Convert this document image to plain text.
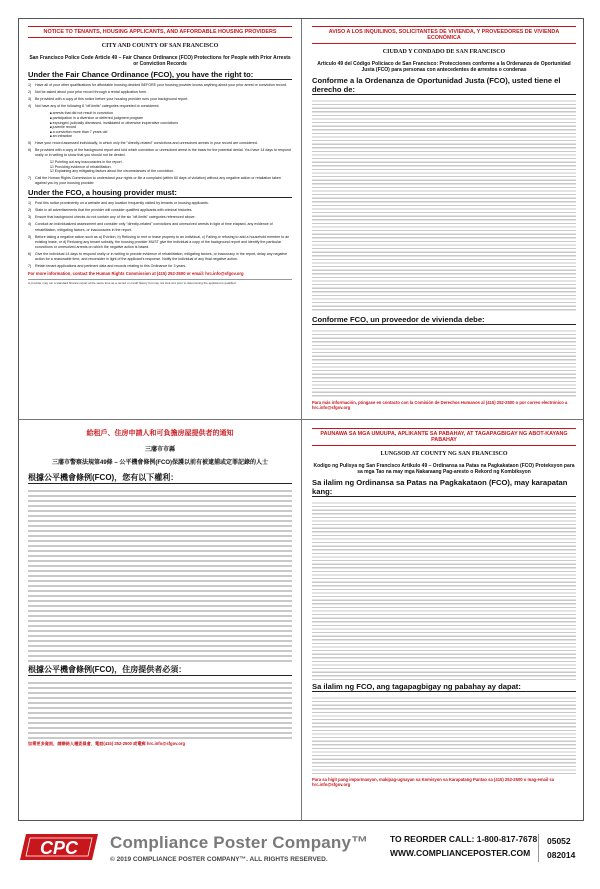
NOTICE TO TENANTS, HOUSING APPLICANTS, AND AFFORDABLE HOUSING PROVIDERS
CITY AND COUNTY OF SAN FRANCISCO
San Francisco Police Code Article 49 – Fair Chance Ordinance (FCO) Protections for People with Prior Arrests or Conviction Records
Under the Fair Chance Ordinance (FCO), you have the right to:
1)	Have all of your other qualifications for affordable housing decided BEFORE your housing provider knows anything about your prior arrest or conviction record.
2)	Not be asked about your prior record through a rental application form.
3)	Be provided with a copy of this notice before your housing provider runs your background report.
4)	Not have any of the following 6 "off-limits" categories requested or considered:
■ arrests that did not result in conviction
■ participation in a diversion or deferred judgment program
■ expunged, judicially dismissed, invalidated or otherwise inoperative convictions
■ juvenile record
■ a conviction more than 7 years old
■ an infraction
5)	Have your record assessed individually, in which only the "directly-related" convictions and unresolved arrests in your record are considered.
6)	Be provided with a copy of the background report and told which conviction or unresolved arrest is the basis for the potential denial. You have 14 days to respond orally or in writing to show that you should not be denied.
☑ Pointing out any inaccuracies in the report.
☑ Providing evidence of rehabilitation.
☑ Explaining any mitigating factors about the circumstances of the conviction.
7)	Call the Human Rights Commission to understand your rights or file a complaint (within 60 days of violation) without any negative action or retaliation taken against you by your housing provider.
Under the FCO, a housing provider must:
1)	Post this notice prominently on a website and any location frequently visited by tenants or housing applicants.
2)	State in all advertisements that the provider will consider qualified applicants with criminal histories.
3)	Ensure that background checks do not contain any of the six "off-limits" categories referenced above.
4)	Conduct an individualized assessment and consider only "directly-related" convictions and unresolved arrests in light of time elapsed, any evidence of rehabilitation, mitigating factors, or inaccuracies in the report.
5)	Before taking a negative action such as a) Eviction, b) Refusing to rent or lease property to an individual, c) Failing or refusing to add a household member to an existing lease, or d) Reducing any tenant subsidy, the housing provider MUST give the individual a copy of the background report and identify the particular convictions or unresolved arrests on which the negative action is based.
6)	Give the individual 14 days to respond orally or in writing to provide evidence of rehabilitation, mitigating factors, or inaccuracy in the report, delay any negative action for a reasonable time, and reconsider in light of the applicant's response. Notify the individual of any final negative action.
7)	Retain tenant applications and pertinent data and records relating to this Ordinance for 3 years.
For more information, contact the Human Rights Commission at (415) 252-2500 or email: hrc.info@sfgov.org
A provider may run a standard finance report at the same time as a record or credit history but may not look at it prior to determining the applicant is qualified.
AVISO A LOS INQUILINOS, SOLICITANTES DE VIVIENDA, Y PROVEEDORES DE VIVIENDA ECONÓMICA
CIUDAD Y CONDADO DE SAN FRANCISCO
Artículo 49 del Código Policiaco de San Francisco: Protecciones conforme a la Ordenanza de Oportunidad Justa (FCO) para personas con antecedentes de arrestos o condenas
Conforme a la Ordenanza de Oportunidad Justa (FCO), usted tiene el derecho de:
Conforme FCO, un proveedor de vivienda debe:
Para más información, póngase en contacto con la Comisión de Derechos Humanos al (415) 252-2500 o por correo electrónico a hrc.info@sfgov.org
給租戶、住房申請人和可負擔房屋提供者的通知
三藩市市縣
三藩市警察法規第49條 – 公平機會條例(FCO)保護以前有被逮捕或定罪記錄的人士
根據公平機會條例(FCO)，您有以下權利：
根據公平機會條例(FCO)，住房提供者必須：
如需更多資訊，請聯絡人權委員會，電話(415) 252-2500 或電郵 hrc.info@sfgov.org
PAUNAWA SA MGA UMUUPA, APLIKANTE SA PABAHAY, AT TAGAPAGBIGAY NG ABOT-KAYANG PABAHAY
LUNGSOD AT COUNTY NG SAN FRANCISCO
Kodigo ng Pulisya ng San Francisco Artikulo 49 – Ordinansa sa Patas na Pagkakataon (FCO) Proteksyon para sa mga Tao na may mga Nakaraang Pag-aresto o Rekord ng Kombiksyon
Sa ilalim ng Ordinansa sa Patas na Pagkakataon (FCO), may karapatan kang:
Sa ilalim ng FCO, ang tagapagbigay ng pabahay ay dapat:
Para sa higit pang impormasyon, makipag-ugnayan sa Komisyon sa Karapatang Pantao sa (415) 252-2500 o mag-email sa hrc.info@sfgov.org
CPC Compliance Poster Company™
© 2019 COMPLIANCE POSTER COMPANY™. ALL RIGHTS RESERVED.
TO REORDER CALL: 1-800-817-7678
WWW.COMPLIANCEPOSTER.COM
05052
082014
